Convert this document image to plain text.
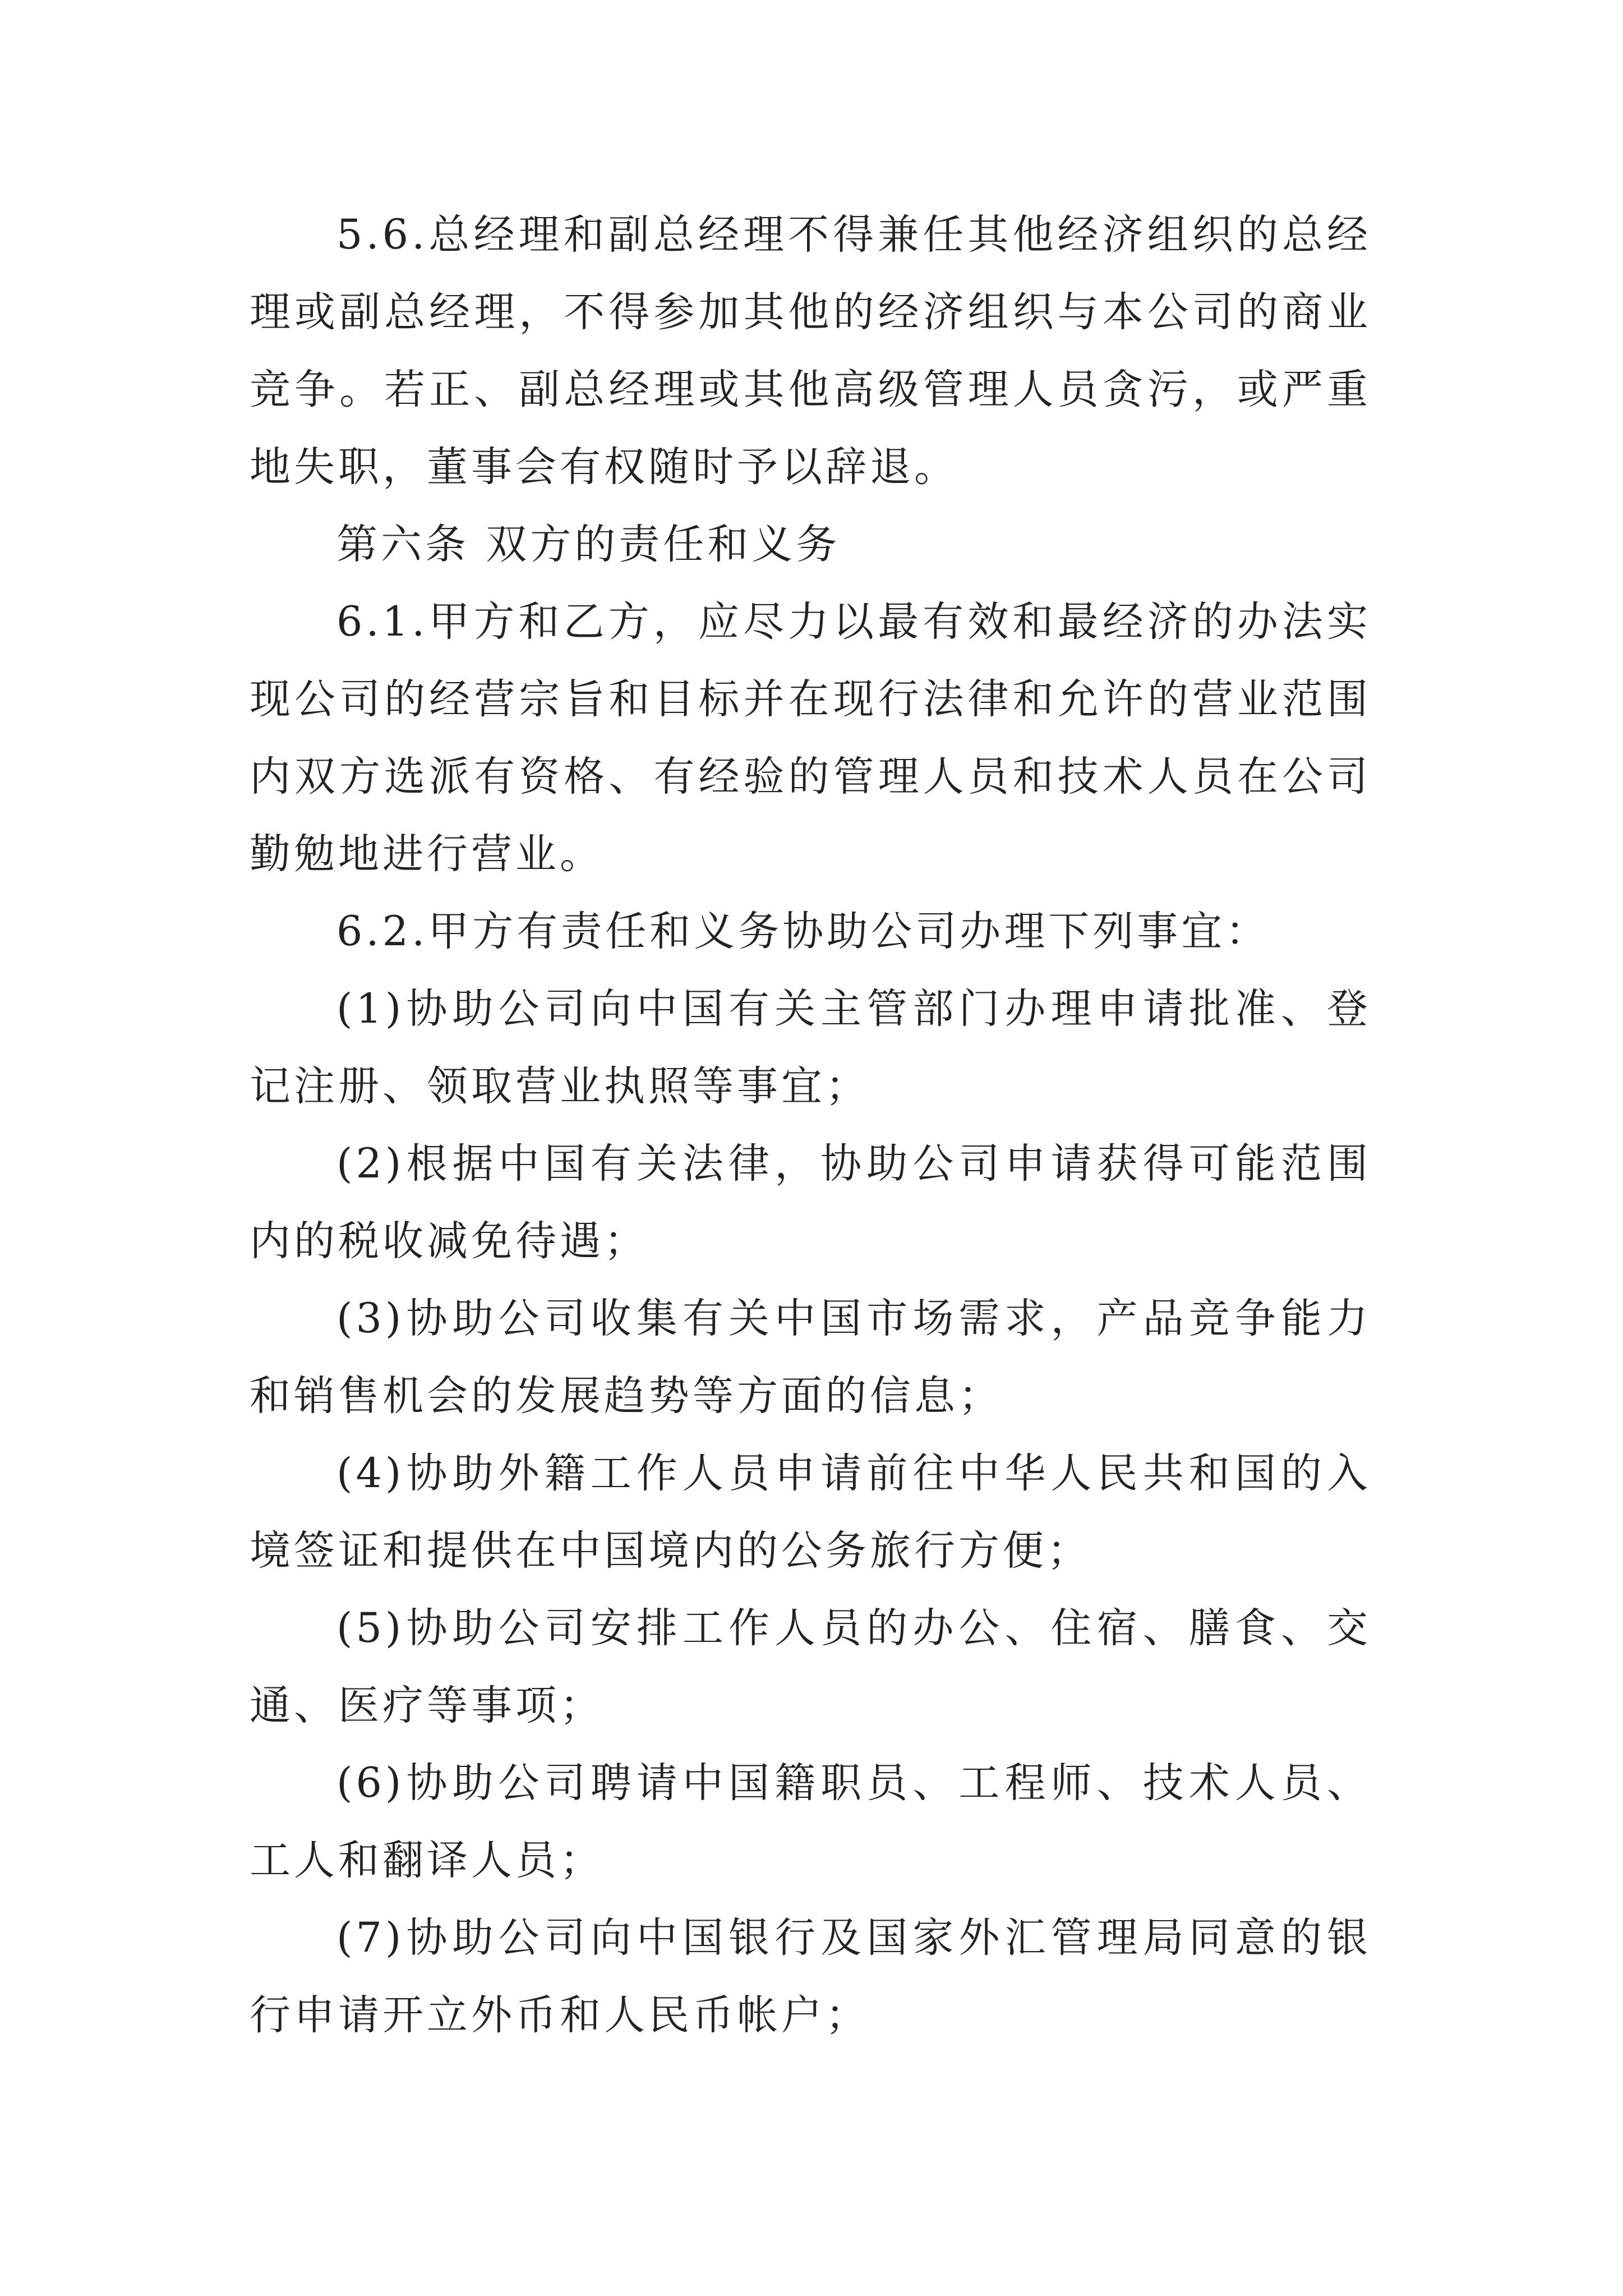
5.6.总经理和副总经理不得兼任其他经济组织的总经理或副总经理，不得参加其他的经济组织与本公司的商业竞争。若正、副总经理或其他高级管理人员贪污，或严重地失职，董事会有权随时予以辞退。

第六条 双方的责任和义务

6.1.甲方和乙方，应尽力以最有效和最经济的办法实现公司的经营宗旨和目标并在现行法律和允许的营业范围内双方选派有资格、有经验的管理人员和技术人员在公司勤勉地进行营业。

6.2.甲方有责任和义务协助公司办理下列事宜：

(1)协助公司向中国有关主管部门办理申请批准、登记注册、领取营业执照等事宜；

(2)根据中国有关法律，协助公司申请获得可能范围内的税收减免待遇；

(3)协助公司收集有关中国市场需求，产品竞争能力和销售机会的发展趋势等方面的信息；

(4)协助外籍工作人员申请前往中华人民共和国的入境签证和提供在中国境内的公务旅行方便；

(5)协助公司安排工作人员的办公、住宿、膳食、交通、医疗等事项；

(6)协助公司聘请中国籍职员、工程师、技术人员、工人和翻译人员；

(7)协助公司向中国银行及国家外汇管理局同意的银行申请开立外币和人民币帐户；
